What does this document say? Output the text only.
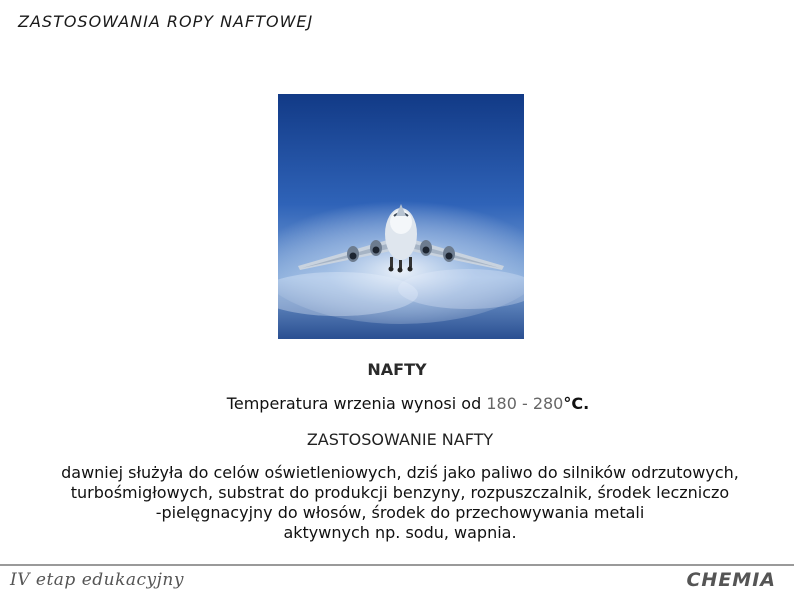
ZASTOSOWANIA ROPY NAFTOWEJ
NAFTY
Temperatura wrzenia wynosi od 180 - 280°C.
ZASTOSOWANIE NAFTY
dawniej służyła do celów oświetleniowych, dziś jako paliwo do silników odrzutowych,
turbośmigłowych, substrat do produkcji benzyny, rozpuszczalnik, środek leczniczo
-pielęgnacyjny do włosów, środek do przechowywania metali
aktywnych np. sodu, wapnia.
IV etap edukacyjny	CHEMIA
